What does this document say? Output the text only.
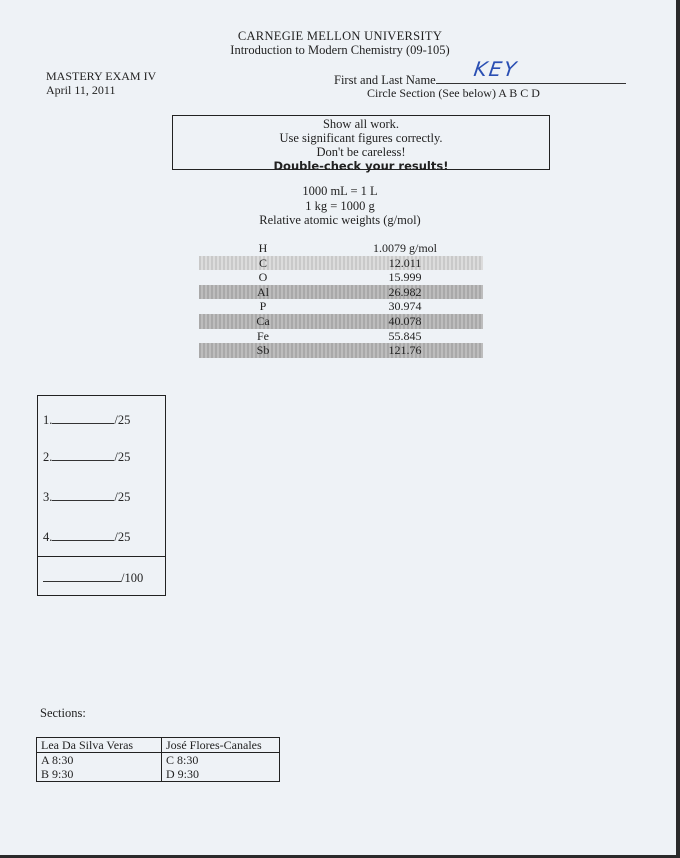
CARNEGIE MELLON UNIVERSITY
Introduction to Modern Chemistry (09-105)
MASTERY EXAM IV
April 11, 2011
First and Last Name KEY
Circle Section (See below) A B C D
Show all work.
Use significant figures correctly.
Don't be careless!
Double-check your results!
1000 mL = 1 L
1 kg = 1000 g
Relative atomic weights (g/mol)
H	1.0079 g/mol
C	12.011
O	15.999
Al	26.982
P	30.974
Ca	40.078
Fe	55.845
Sb	121.76
1.	/25
2.	/25
3.	/25
4.	/25
/100
Sections:
Lea Da Silva Veras	José Flores-Canales
A 8:30	C 8:30
B 9:30	D 9:30
